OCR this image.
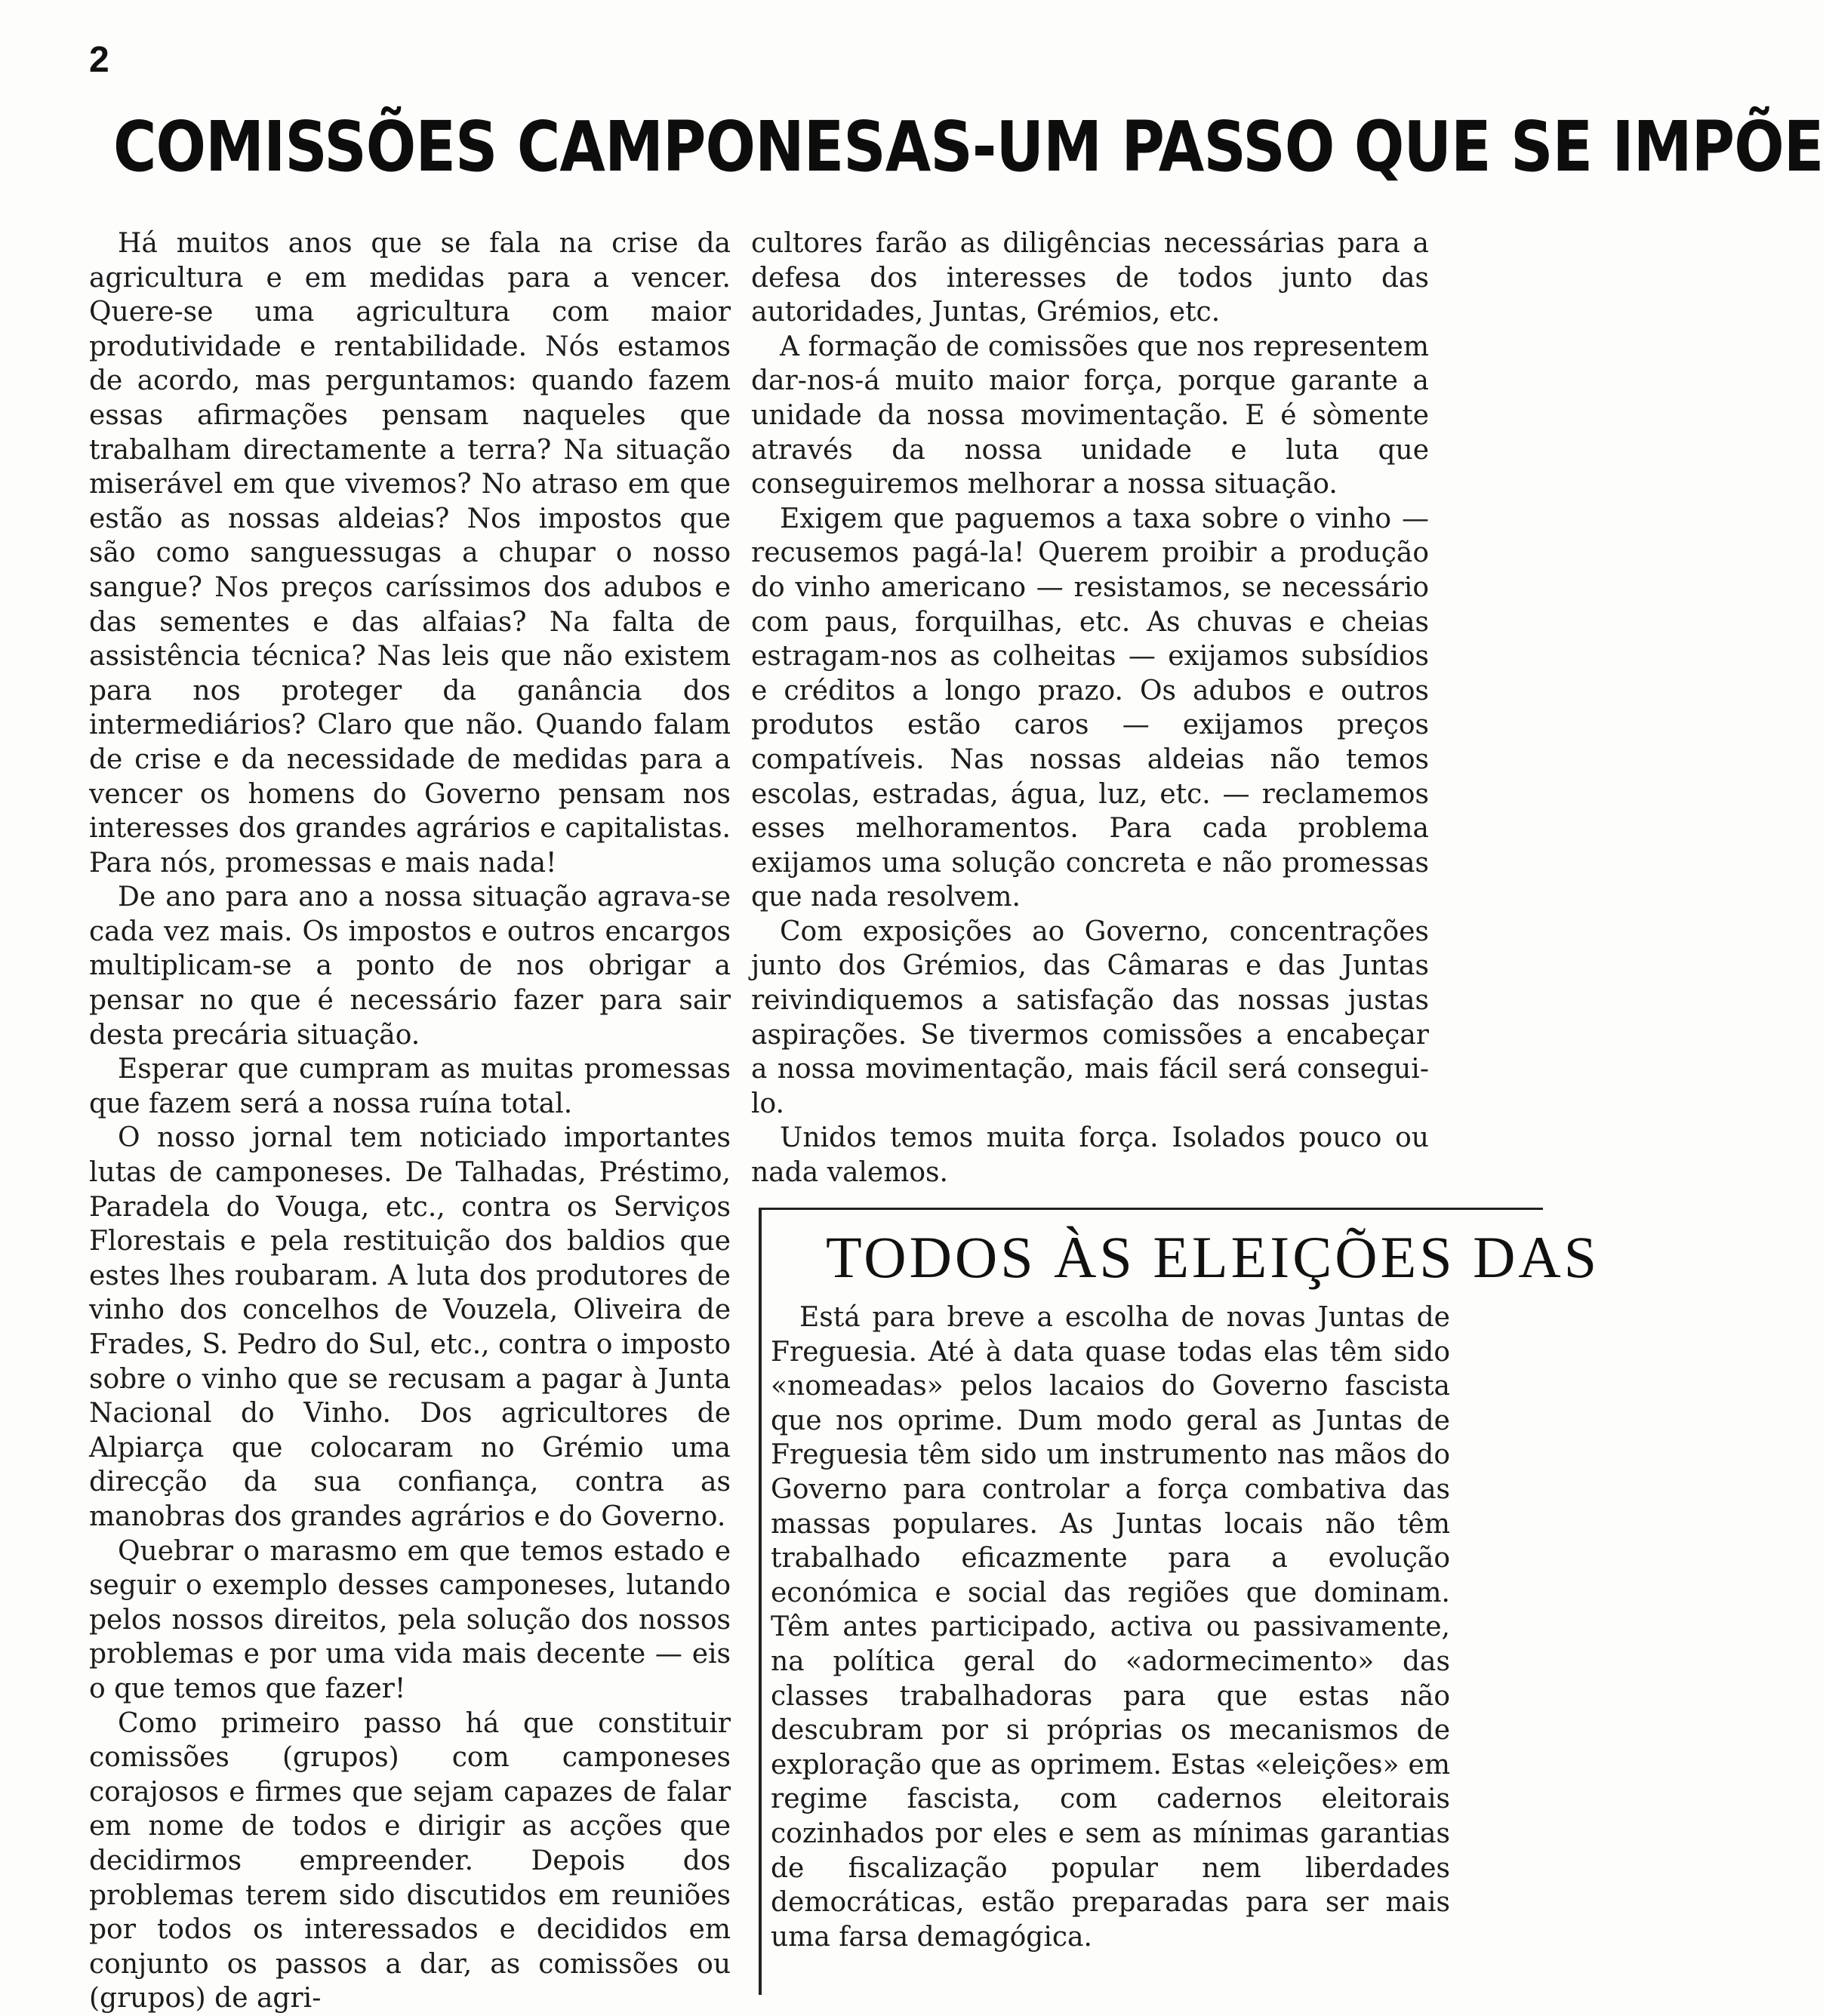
2
COMISSÕES CAMPONESAS-UM PASSO QUE SE IMPÕE

Há muitos anos que se fala na crise da agricultura e em medidas para a vencer. Quere-se uma agricultura com maior produtividade e rentabilidade. Nós estamos de acordo, mas perguntamos: quando fazem essas afirmações pensam naqueles que trabalham directamente a terra? Na situação miserável em que vivemos? No atraso em que estão as nossas aldeias? Nos impostos que são como sanguessugas a chupar o nosso sangue? Nos preços caríssimos dos adubos e das sementes e das alfaias? Na falta de assistência técnica? Nas leis que não existem para nos proteger da ganância dos intermediários? Claro que não. Quando falam de crise e da necessidade de medidas para a vencer os homens do Governo pensam nos interesses dos grandes agrários e capitalistas. Para nós, promessas e mais nada!

De ano para ano a nossa situação agrava-se cada vez mais. Os impostos e outros encargos multiplicam-se a ponto de nos obrigar a pensar no que é necessário fazer para sair desta precária situação.

Esperar que cumpram as muitas promessas que fazem será a nossa ruína total.

O nosso jornal tem noticiado importantes lutas de camponeses. De Talhadas, Préstimo, Paradela do Vouga, etc., contra os Serviços Florestais e pela restituição dos baldios que estes lhes roubaram. A luta dos produtores de vinho dos concelhos de Vouzela, Oliveira de Frades, S. Pedro do Sul, etc., contra o imposto sobre o vinho que se recusam a pagar à Junta Nacional do Vinho. Dos agricultores de Alpiarça que colocaram no Grémio uma direcção da sua confiança, contra as manobras dos grandes agrários e do Governo.

Quebrar o marasmo em que temos estado e seguir o exemplo desses camponeses, lutando pelos nossos direitos, pela solução dos nossos problemas e por uma vida mais decente — eis o que temos que fazer!

Como primeiro passo há que constituir comissões (grupos) com camponeses corajosos e firmes que sejam capazes de falar em nome de todos e dirigir as acções que decidirmos empreender. Depois dos problemas terem sido discutidos em reuniões por todos os interessados e decididos em conjunto os passos a dar, as comissões ou (grupos) de agri-

cultores farão as diligências necessárias para a defesa dos interesses de todos junto das autoridades, Juntas, Grémios, etc.

A formação de comissões que nos representem dar-nos-á muito maior força, porque garante a unidade da nossa movimentação. E é sòmente através da nossa unidade e luta que conseguiremos melhorar a nossa situação.

Exigem que paguemos a taxa sobre o vinho — recusemos pagá-la! Querem proibir a produção do vinho americano — resistamos, se necessário com paus, forquilhas, etc. As chuvas e cheias estragam-nos as colheitas — exijamos subsídios e créditos a longo prazo. Os adubos e outros produtos estão caros — exijamos preços compatíveis. Nas nossas aldeias não temos escolas, estradas, água, luz, etc. — reclamemos esses melhoramentos. Para cada problema exijamos uma solução concreta e não promessas que nada resolvem.

Com exposições ao Governo, concentrações junto dos Grémios, das Câmaras e das Juntas reivindiquemos a satisfação das nossas justas aspirações. Se tivermos comissões a encabeçar a nossa movimentação, mais fácil será consegui-lo.

Unidos temos muita força. Isolados pouco ou nada valemos.

TODOS ÀS ELEIÇÕES DAS

Está para breve a escolha de novas Juntas de Freguesia. Até à data quase todas elas têm sido «nomeadas» pelos lacaios do Governo fascista que nos oprime. Dum modo geral as Juntas de Freguesia têm sido um instrumento nas mãos do Governo para controlar a força combativa das massas populares. As Juntas locais não têm trabalhado eficazmente para a evolução económica e social das regiões que dominam. Têm antes participado, activa ou passivamente, na política geral do «adormecimento» das classes trabalhadoras para que estas não descubram por si próprias os mecanismos de exploração que as oprimem. Estas «eleições» em regime fascista, com cadernos eleitorais cozinhados por eles e sem as mínimas garantias de fiscalização popular nem liberdades democráticas, estão preparadas para ser mais uma farsa demagógica.
